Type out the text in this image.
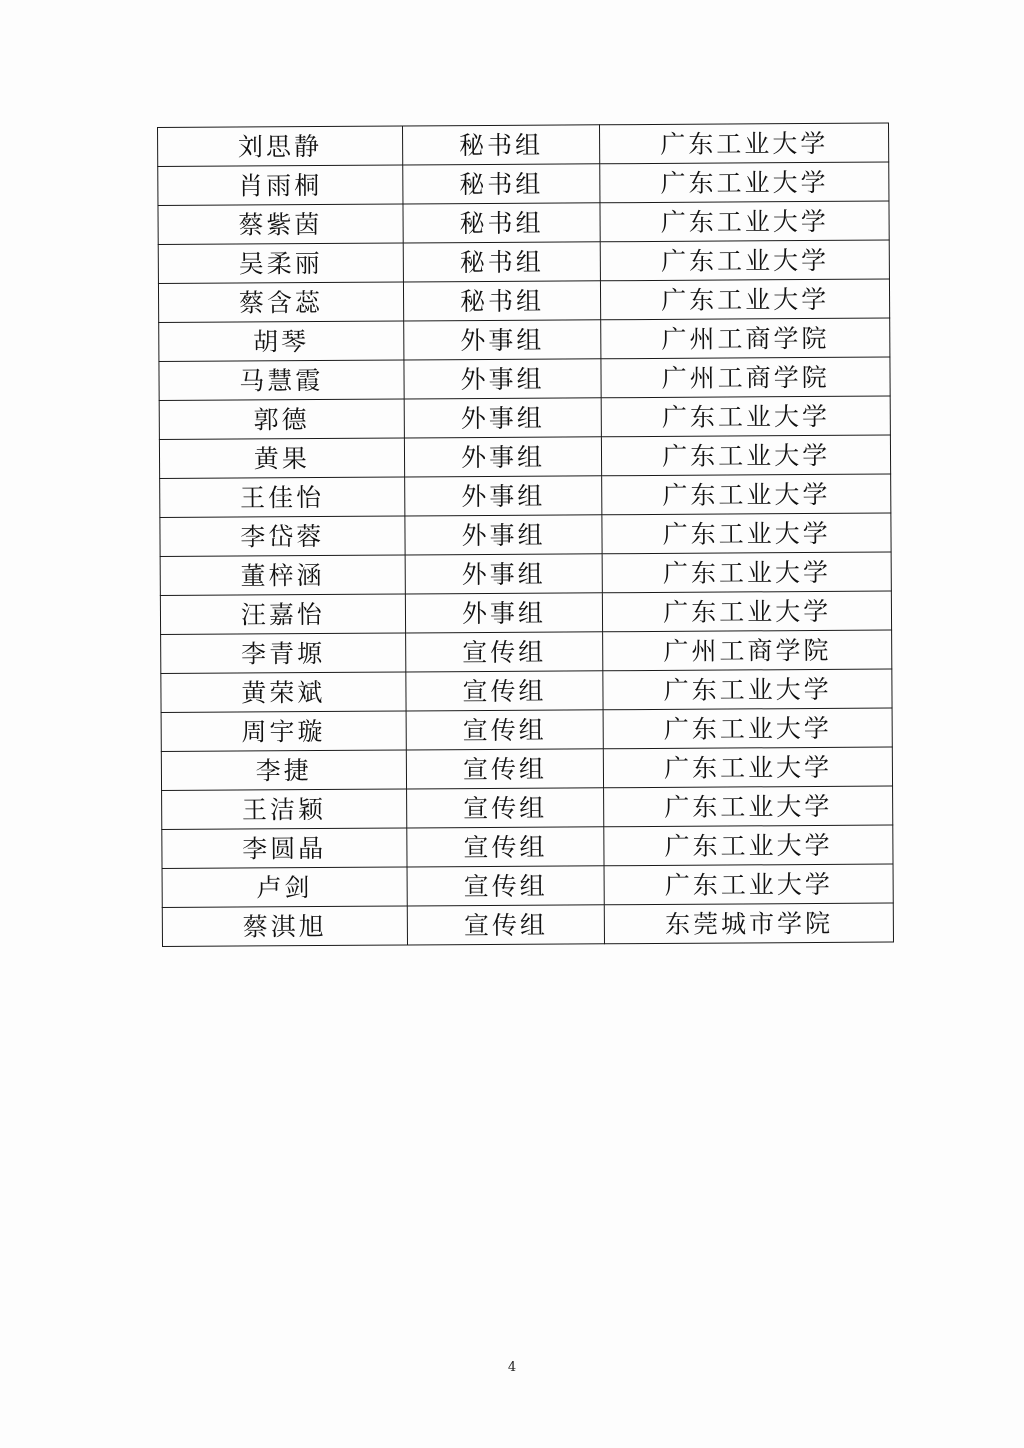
刘思静	秘书组	广东工业大学
肖雨桐	秘书组	广东工业大学
蔡紫茵	秘书组	广东工业大学
吴柔丽	秘书组	广东工业大学
蔡含蕊	秘书组	广东工业大学
胡琴	外事组	广州工商学院
马慧霞	外事组	广州工商学院
郭德	外事组	广东工业大学
黄果	外事组	广东工业大学
王佳怡	外事组	广东工业大学
李岱蓉	外事组	广东工业大学
董梓涵	外事组	广东工业大学
汪嘉怡	外事组	广东工业大学
李青塬	宣传组	广州工商学院
黄荣斌	宣传组	广东工业大学
周宇璇	宣传组	广东工业大学
李捷	宣传组	广东工业大学
王洁颖	宣传组	广东工业大学
李圆晶	宣传组	广东工业大学
卢剑	宣传组	广东工业大学
蔡淇旭	宣传组	东莞城市学院
4
